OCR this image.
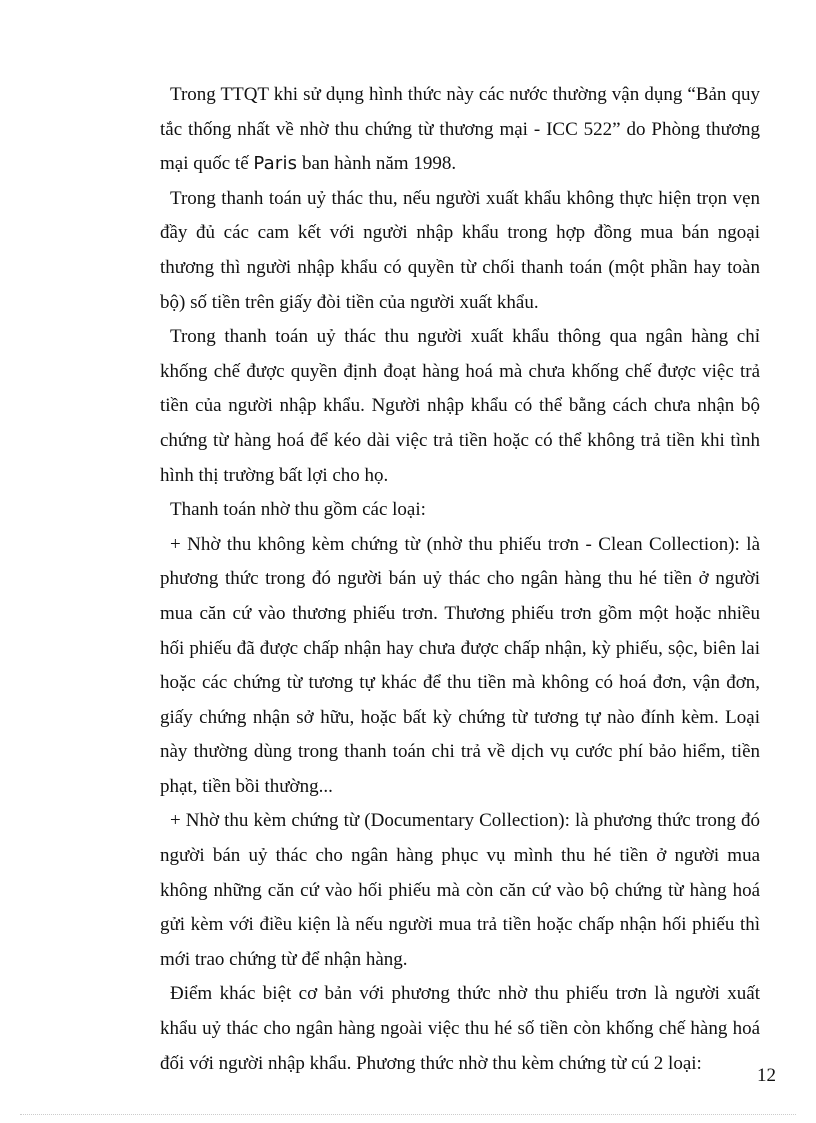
Trong TTQT khi sử dụng hình thức này các nước thường vận dụng “Bản quy tắc thống nhất về nhờ thu chứng từ thương mại - ICC 522” do Phòng thương mại quốc tế Paris ban hành năm 1998.

Trong thanh toán uỷ thác thu, nếu người xuất khẩu không thực hiện trọn vẹn đầy đủ các cam kết với người nhập khẩu trong hợp đồng mua bán ngoại thương thì người nhập khẩu có quyền từ chối thanh toán (một phần hay toàn bộ) số tiền trên giấy đòi tiền của người xuất khẩu.

Trong thanh toán uỷ thác thu người xuất khẩu thông qua ngân hàng chỉ khống chế được quyền định đoạt hàng hoá mà chưa khống chế được việc trả tiền của người nhập khẩu. Người nhập khẩu có thể bằng cách chưa nhận bộ chứng từ hàng hoá để kéo dài việc trả tiền hoặc có thể không trả tiền khi tình hình thị trường bất lợi cho họ.

Thanh toán nhờ thu gồm các loại:

+ Nhờ thu không kèm chứng từ (nhờ thu phiếu trơn - Clean Collection): là phương thức trong đó người bán uỷ thác cho ngân hàng thu hé tiền ở người mua căn cứ vào thương phiếu trơn. Thương phiếu trơn gồm một hoặc nhiều hối phiếu đã được chấp nhận hay chưa được chấp nhận, kỳ phiếu, sộc, biên lai hoặc các chứng từ tương tự khác để thu tiền mà không có hoá đơn, vận đơn, giấy chứng nhận sở hữu, hoặc bất kỳ chứng từ tương tự nào đính kèm. Loại này thường dùng trong thanh toán chi trả về dịch vụ cước phí bảo hiểm, tiền phạt, tiền bồi thường...

+ Nhờ thu kèm chứng từ (Documentary Collection): là phương thức trong đó người bán uỷ thác cho ngân hàng phục vụ mình thu hé tiền ở người mua không những căn cứ vào hối phiếu mà còn căn cứ vào bộ chứng từ hàng hoá gửi kèm với điều kiện là nếu người mua trả tiền hoặc chấp nhận hối phiếu thì mới trao chứng từ để nhận hàng.

Điểm khác biệt cơ bản với phương thức nhờ thu phiếu trơn là người xuất khẩu uỷ thác cho ngân hàng ngoài việc thu hé số tiền còn khống chế hàng hoá đối với người nhập khẩu. Phương thức nhờ thu kèm chứng từ cú 2 loại:

12
